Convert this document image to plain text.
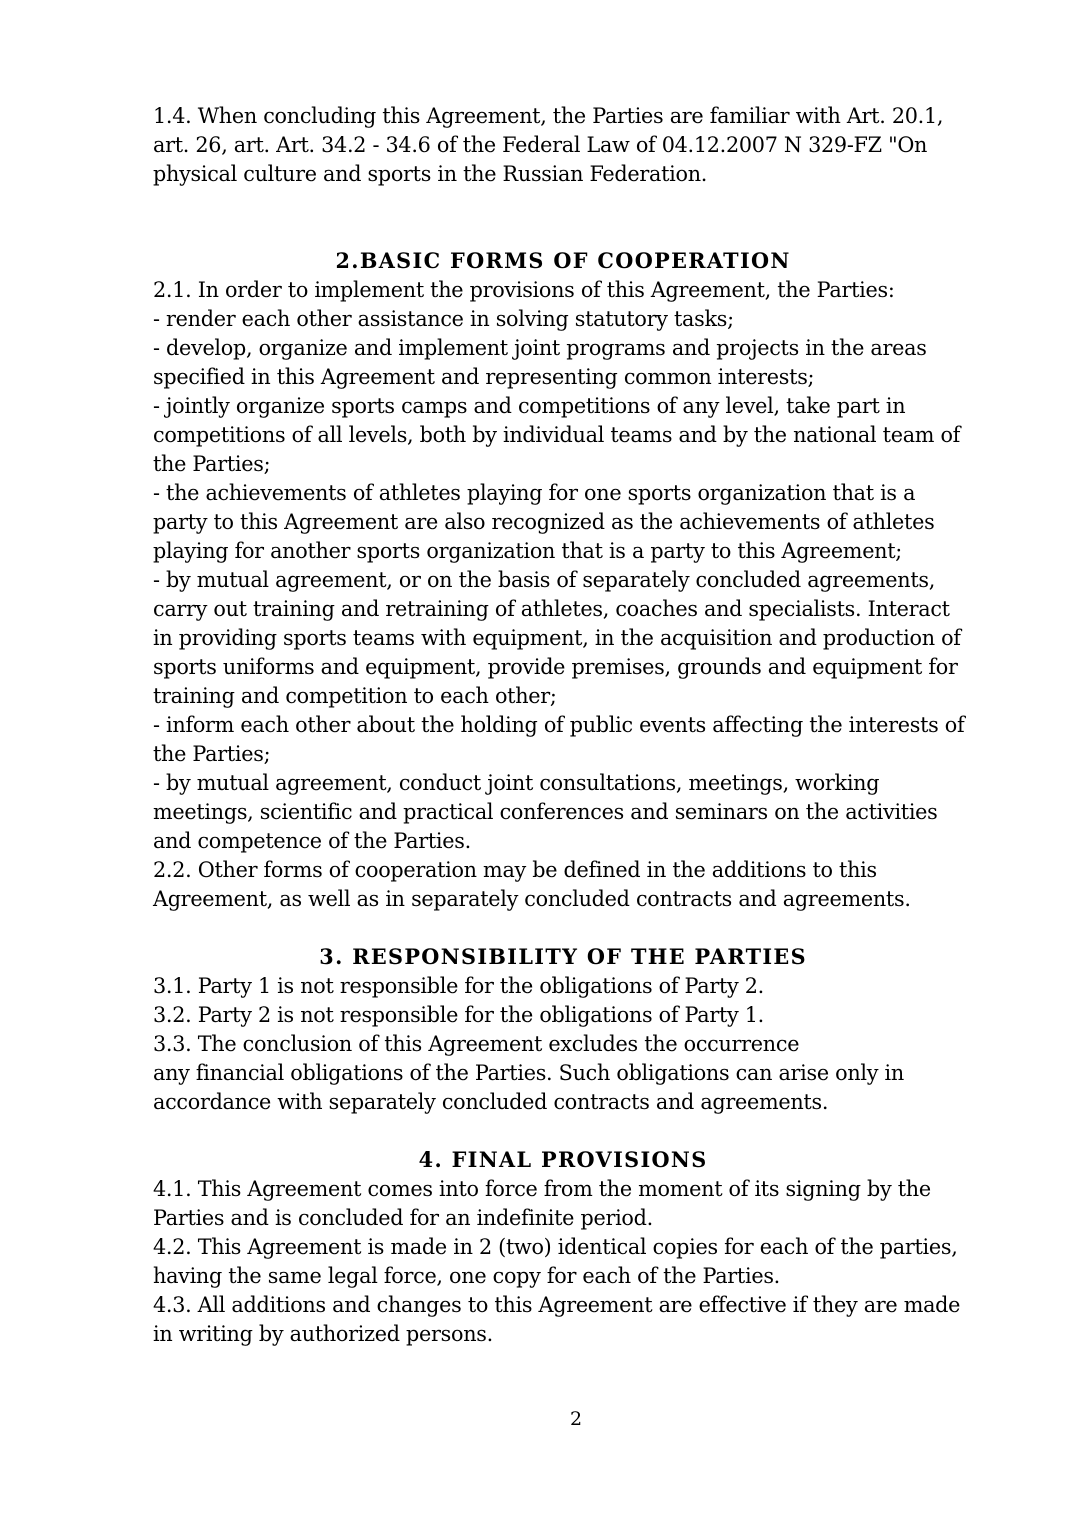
1.4. When concluding this Agreement, the Parties are familiar with Art. 20.1, art. 26, art. Art. 34.2 - 34.6 of the Federal Law of 04.12.2007 N 329-FZ "On physical culture and sports in the Russian Federation.

2.BASIC FORMS OF COOPERATION

2.1. In order to implement the provisions of this Agreement, the Parties:

- render each other assistance in solving statutory tasks;

- develop, organize and implement joint programs and projects in the areas specified in this Agreement and representing common interests;

- jointly organize sports camps and competitions of any level, take part in competitions of all levels, both by individual teams and by the national team of the Parties;

- the achievements of athletes playing for one sports organization that is a party to this Agreement are also recognized as the achievements of athletes playing for another sports organization that is a party to this Agreement;

- by mutual agreement, or on the basis of separately concluded agreements, carry out training and retraining of athletes, coaches and specialists. Interact in providing sports teams with equipment, in the acquisition and production of sports uniforms and equipment, provide premises, grounds and equipment for training and competition to each other;

- inform each other about the holding of public events affecting the interests of the Parties;

- by mutual agreement, conduct joint consultations, meetings, working meetings, scientific and practical conferences and seminars on the activities and competence of the Parties.

2.2. Other forms of cooperation may be defined in the additions to this Agreement, as well as in separately concluded contracts and agreements.

3. RESPONSIBILITY OF THE PARTIES

3.1. Party 1 is not responsible for the obligations of Party 2.

3.2. Party 2 is not responsible for the obligations of Party 1.

3.3. The conclusion of this Agreement excludes the occurrence

any financial obligations of the Parties. Such obligations can arise only in accordance with separately concluded contracts and agreements.

4. FINAL PROVISIONS

4.1. This Agreement comes into force from the moment of its signing by the Parties and is concluded for an indefinite period.

4.2. This Agreement is made in 2 (two) identical copies for each of the parties, having the same legal force, one copy for each of the Parties.

4.3. All additions and changes to this Agreement are effective if they are made in writing by authorized persons.

2
